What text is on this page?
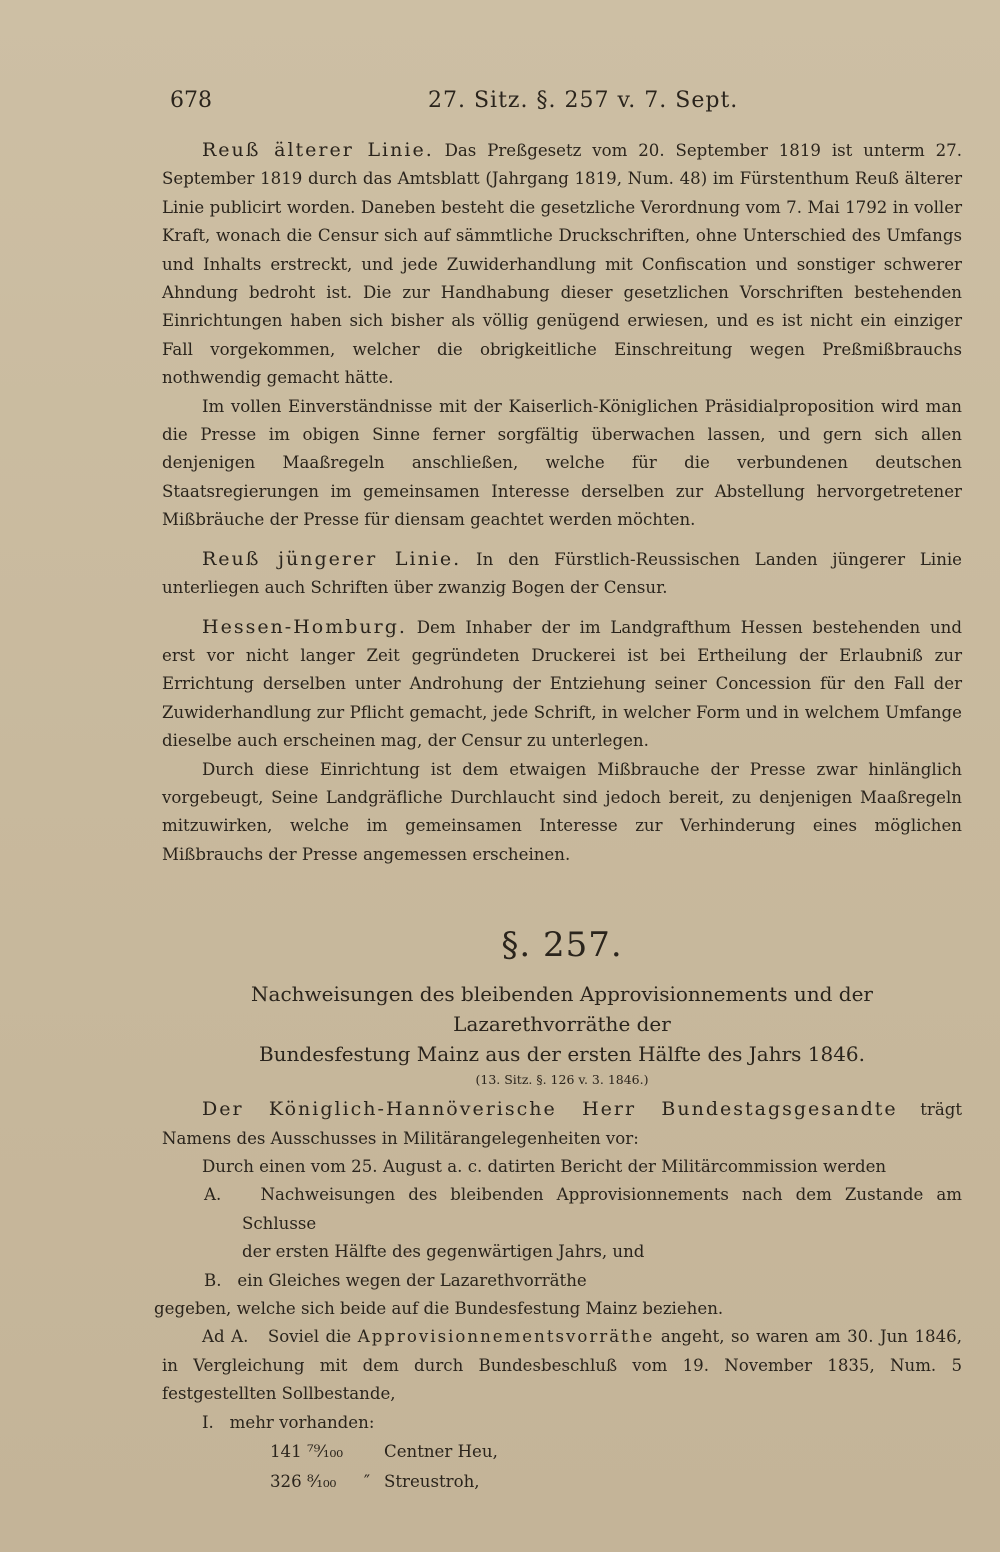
678	27. Sitz. §. 257 v. 7. Sept.

Reuß älterer Linie. Das Preßgesetz vom 20. September 1819 ist unterm 27. September 1819 durch das Amtsblatt (Jahrgang 1819, Num. 48) im Fürstenthum Reuß älterer Linie publicirt worden. Daneben besteht die gesetzliche Verordnung vom 7. Mai 1792 in voller Kraft, wonach die Censur sich auf sämmtliche Druckschriften, ohne Unterschied des Umfangs und Inhalts erstreckt, und jede Zuwiderhandlung mit Confiscation und sonstiger schwerer Ahndung bedroht ist. Die zur Handhabung dieser gesetzlichen Vorschriften bestehenden Einrichtungen haben sich bisher als völlig genügend erwiesen, und es ist nicht ein einziger Fall vorgekommen, welcher die obrigkeitliche Einschreitung wegen Preßmißbrauchs nothwendig gemacht hätte.

Im vollen Einverständnisse mit der Kaiserlich-Königlichen Präsidialproposition wird man die Presse im obigen Sinne ferner sorgfältig überwachen lassen, und gern sich allen denjenigen Maaßregeln anschließen, welche für die verbundenen deutschen Staatsregierungen im gemeinsamen Interesse derselben zur Abstellung hervorgetretener Mißbräuche der Presse für diensam geachtet werden möchten.

Reuß jüngerer Linie. In den Fürstlich-Reussischen Landen jüngerer Linie unterliegen auch Schriften über zwanzig Bogen der Censur.

Hessen-Homburg. Dem Inhaber der im Landgrafthum Hessen bestehenden und erst vor nicht langer Zeit gegründeten Druckerei ist bei Ertheilung der Erlaubniß zur Errichtung derselben unter Androhung der Entziehung seiner Concession für den Fall der Zuwiderhandlung zur Pflicht gemacht, jede Schrift, in welcher Form und in welchem Umfange dieselbe auch erscheinen mag, der Censur zu unterlegen.

Durch diese Einrichtung ist dem etwaigen Mißbrauche der Presse zwar hinlänglich vorgebeugt, Seine Landgräfliche Durchlaucht sind jedoch bereit, zu denjenigen Maaßregeln mitzuwirken, welche im gemeinsamen Interesse zur Verhinderung eines möglichen Mißbrauchs der Presse angemessen erscheinen.

§. 257.

Nachweisungen des bleibenden Approvisionnements und der Lazarethvorräthe der

Bundesfestung Mainz aus der ersten Hälfte des Jahrs 1846.

(13. Sitz. §. 126 v. 3. 1846.)

Der Königlich-Hannöverische Herr Bundestagsgesandte trägt Namens des Ausschusses in Militärangelegenheiten vor:

Durch einen vom 25. August a. c. datirten Bericht der Militärcommission werden

A. Nachweisungen des bleibenden Approvisionnements nach dem Zustande am Schlusse

der ersten Hälfte des gegenwärtigen Jahrs, und

B. ein Gleiches wegen der Lazarethvorräthe

gegeben, welche sich beide auf die Bundesfestung Mainz beziehen.

Ad A. Soviel die Approvisionnementsvorräthe angeht, so waren am 30. Jun 1846, in Vergleichung mit dem durch Bundesbeschluß vom 19. November 1835, Num. 5 festgestellten Sollbestande,

I. mehr vorhanden:

141 ⁷⁹⁄₁₀₀ Centner Heu,
326 ⁸⁄₁₀₀ ″ Streustroh,
